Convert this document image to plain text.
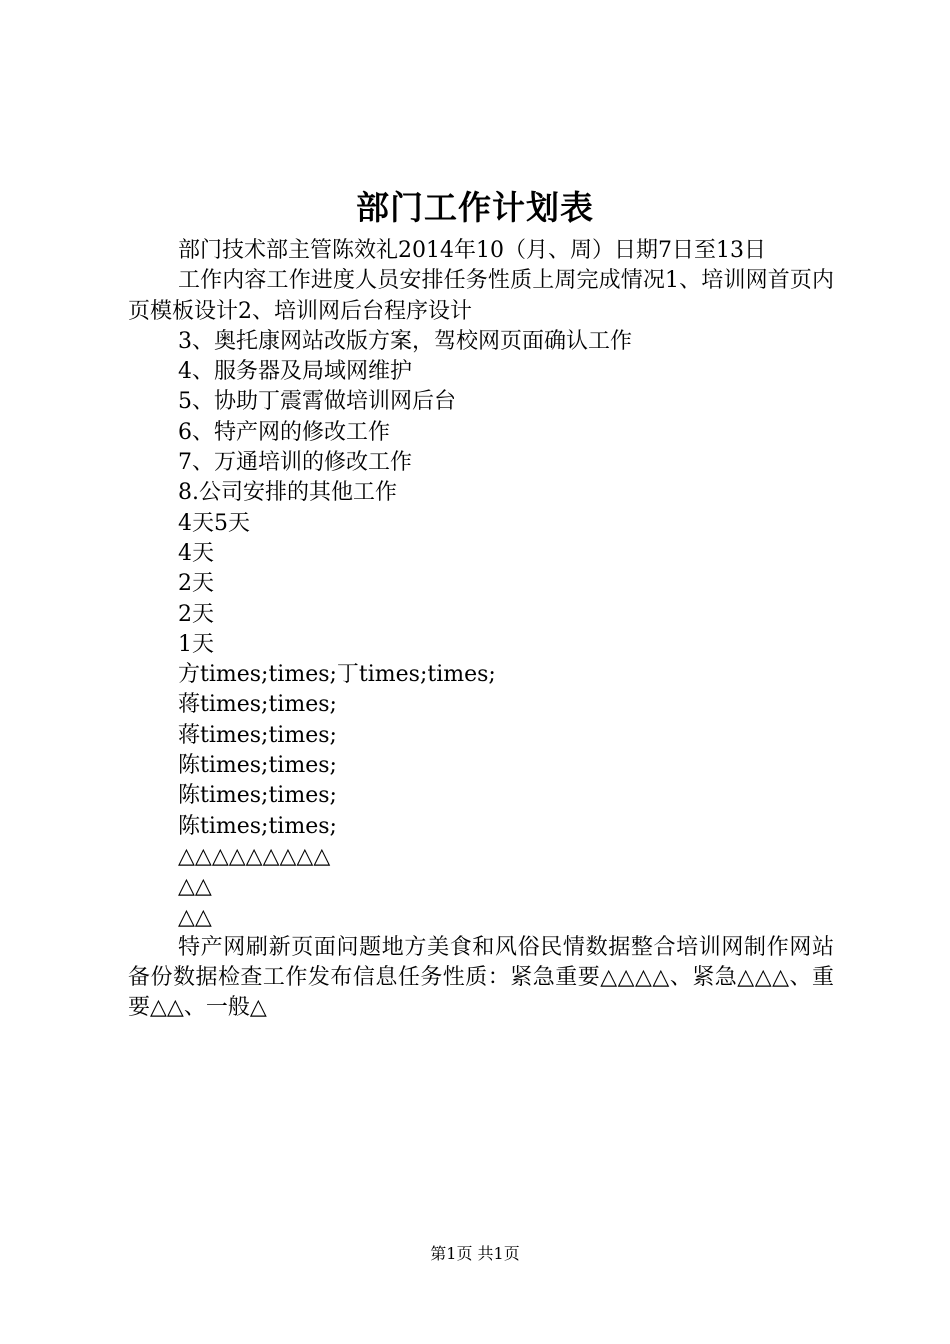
部门工作计划表

部门技术部主管陈效礼2014年10（月、周）日期7日至13日

工作内容工作进度人员安排任务性质上周完成情况1、培训网首页内页模板设计2、培训网后台程序设计

3、奥托康网站改版方案，驾校网页面确认工作

4、服务器及局域网维护

5、协助丁震霄做培训网后台

6、特产网的修改工作

7、万通培训的修改工作

8.公司安排的其他工作

4天5天

4天

2天

2天

1天

方times;times;丁times;times;

蒋times;times;

蒋times;times;

陈times;times;

陈times;times;

陈times;times;

△△△△△△△△△

△△

△△

特产网刷新页面问题地方美食和风俗民情数据整合培训网制作网站备份数据检查工作发布信息任务性质：紧急重要△△△△、紧急△△△、重要△△、一般△

第1页 共1页
